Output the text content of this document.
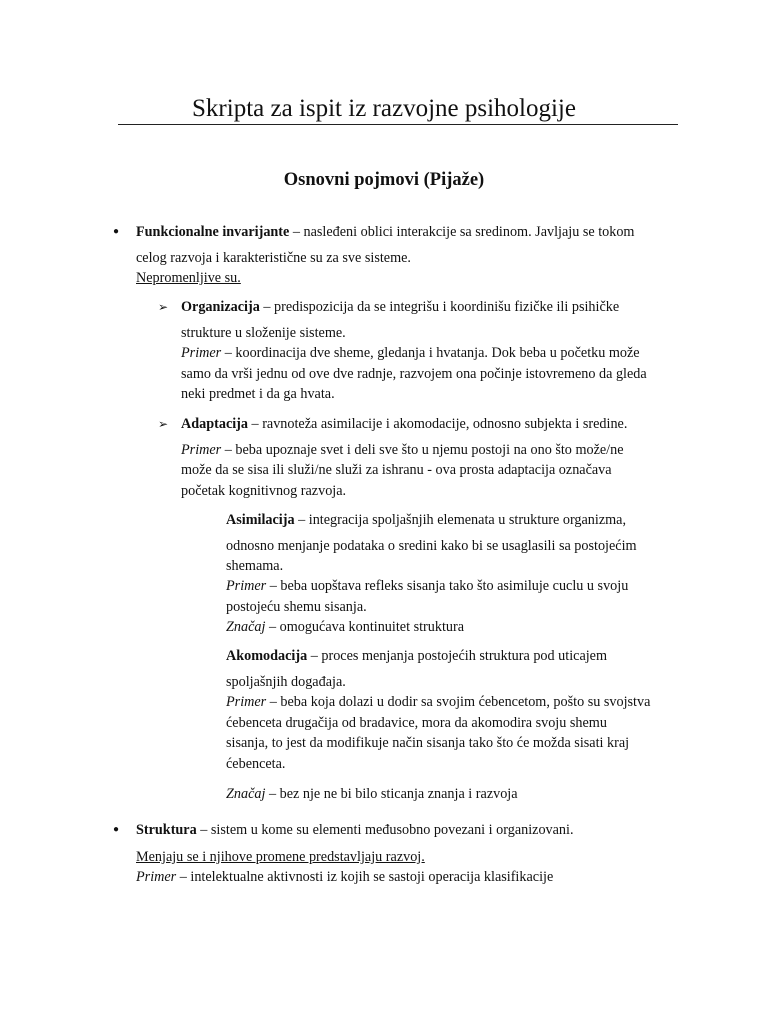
Skripta za ispit iz razvojne psihologije
Osnovni pojmovi (Pijaže)
● Funkcionalne invarijante – nasleđeni oblici interakcije sa sredinom. Javljaju se tokom
celog razvoja i karakteristične su za sve sisteme.
Nepromenljive su.
➢ Organizacija – predispozicija da se integrišu i koordinišu fizičke ili psihičke
strukture u složenije sisteme.
Primer – koordinacija dve sheme, gledanja i hvatanja. Dok beba u početku može
samo da vrši jednu od ove dve radnje, razvojem ona počinje istovremeno da gleda
neki predmet i da ga hvata.
➢ Adaptacija – ravnoteža asimilacije i akomodacije, odnosno subjekta i sredine.
Primer – beba upoznaje svet i deli sve što u njemu postoji na ono što može/ne
može da se sisa ili služi/ne služi za ishranu - ova prosta adaptacija označava
početak kognitivnog razvoja.
Asimilacija – integracija spoljašnjih elemenata u strukture organizma,
odnosno menjanje podataka o sredini kako bi se usaglasili sa postojećim
shemama.
Primer – beba uopštava refleks sisanja tako što asimiluje cuclu u svoju
postojeću shemu sisanja.
Značaj – omogućava kontinuitet struktura
Akomodacija – proces menjanja postojećih struktura pod uticajem
spoljašnjih događaja.
Primer – beba koja dolazi u dodir sa svojim ćebencetom, pošto su svojstva
ćebenceta drugačija od bradavice, mora da akomodira svoju shemu
sisanja, to jest da modifikuje način sisanja tako što će možda sisati kraj
ćebenceta.
Značaj – bez nje ne bi bilo sticanja znanja i razvoja
● Struktura – sistem u kome su elementi međusobno povezani i organizovani.
Menjaju se i njihove promene predstavljaju razvoj.
Primer – intelektualne aktivnosti iz kojih se sastoji operacija klasifikacije
